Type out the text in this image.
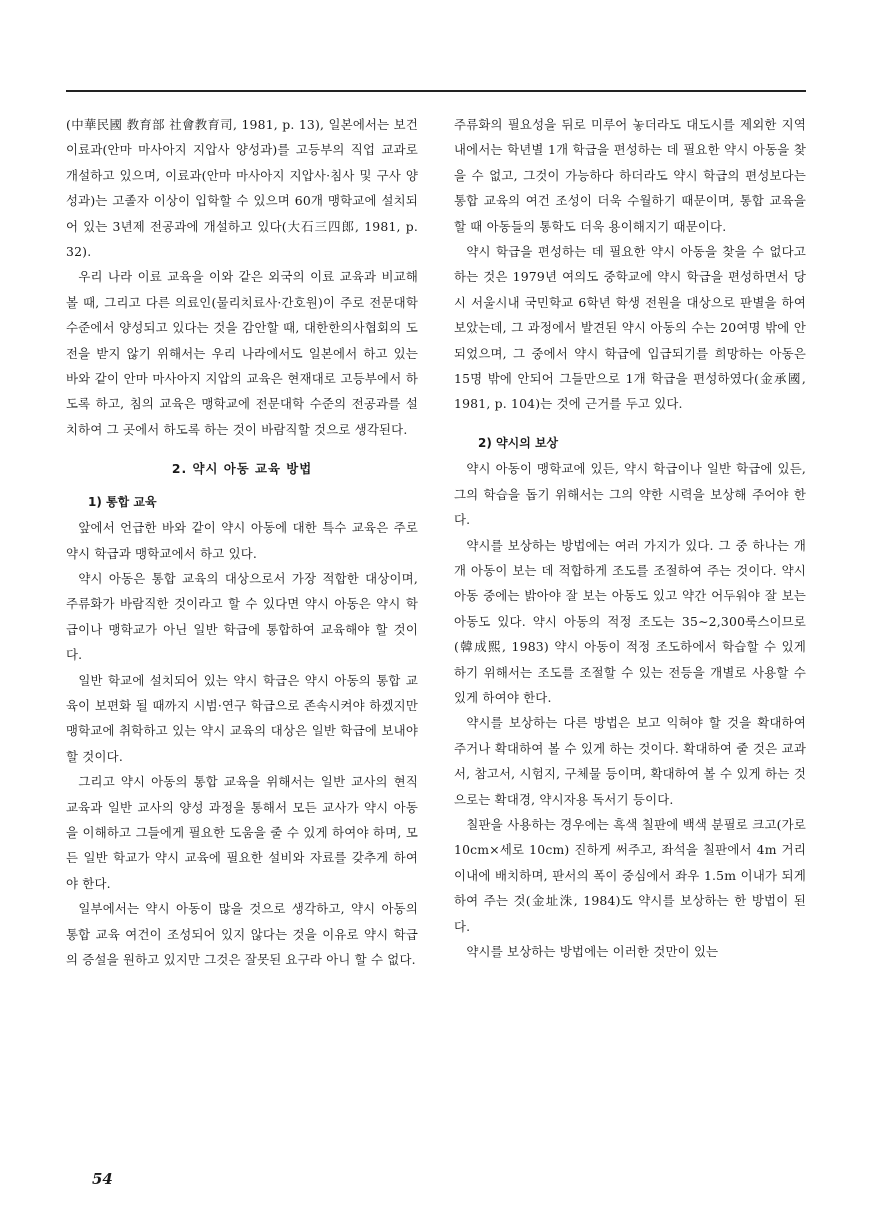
(中華民國 教育部 社會教育司, 1981, p. 13), 일본에서는 보건 이료과(안마 마사아지 지압사 양성과)를 고등부의 직업 교과로 개설하고 있으며, 이료과(안마 마사아지 지압사·침사 및 구사 양성과)는 고졸자 이상이 입학할 수 있으며 60개 맹학교에 설치되어 있는 3년제 전공과에 개설하고 있다(大石三四郎, 1981, p. 32).

우리 나라 이료 교육을 이와 같은 외국의 이료 교육과 비교해 볼 때, 그리고 다른 의료인(물리치료사·간호원)이 주로 전문대학 수준에서 양성되고 있다는 것을 감안할 때, 대한한의사협회의 도전을 받지 않기 위해서는 우리 나라에서도 일본에서 하고 있는 바와 같이 안마 마사아지 지압의 교육은 현재대로 고등부에서 하도록 하고, 침의 교육은 맹학교에 전문대학 수준의 전공과를 설치하여 그 곳에서 하도록 하는 것이 바람직할 것으로 생각된다.

2. 약시 아동 교육 방법
1) 통합 교육

앞에서 언급한 바와 같이 약시 아동에 대한 특수 교육은 주로 약시 학급과 맹학교에서 하고 있다.

약시 아동은 통합 교육의 대상으로서 가장 적합한 대상이며, 주류화가 바람직한 것이라고 할 수 있다면 약시 아동은 약시 학급이나 맹학교가 아닌 일반 학급에 통합하여 교육해야 할 것이다.

일반 학교에 설치되어 있는 약시 학급은 약시 아동의 통합 교육이 보편화 될 때까지 시범·연구 학급으로 존속시켜야 하겠지만 맹학교에 취학하고 있는 약시 교육의 대상은 일반 학급에 보내야 할 것이다.

그리고 약시 아동의 통합 교육을 위해서는 일반 교사의 현직 교육과 일반 교사의 양성 과정을 통해서 모든 교사가 약시 아동을 이해하고 그들에게 필요한 도움을 줄 수 있게 하여야 하며, 모든 일반 학교가 약시 교육에 필요한 설비와 자료를 갖추게 하여야 한다.

일부에서는 약시 아동이 많을 것으로 생각하고, 약시 아동의 통합 교육 여건이 조성되어 있지 않다는 것을 이유로 약시 학급의 증설을 원하고 있지만 그것은 잘못된 요구라 아니 할 수 없다.

주류화의 필요성을 뒤로 미루어 놓더라도 대도시를 제외한 지역 내에서는 학년별 1개 학급을 편성하는 데 필요한 약시 아동을 찾을 수 없고, 그것이 가능하다 하더라도 약시 학급의 편성보다는 통합 교육의 여건 조성이 더욱 수월하기 때문이며, 통합 교육을 할 때 아동들의 통학도 더욱 용이해지기 때문이다.

약시 학급을 편성하는 데 필요한 약시 아동을 찾을 수 없다고 하는 것은 1979년 여의도 중학교에 약시 학급을 편성하면서 당시 서울시내 국민학교 6학년 학생 전원을 대상으로 판별을 하여 보았는데, 그 과정에서 발견된 약시 아동의 수는 20여명 밖에 안되었으며, 그 중에서 약시 학급에 입급되기를 희망하는 아동은 15명 밖에 안되어 그들만으로 1개 학급을 편성하였다(金承國, 1981, p. 104)는 것에 근거를 두고 있다.

2) 약시의 보상

약시 아동이 맹학교에 있든, 약시 학급이나 일반 학급에 있든, 그의 학습을 돕기 위해서는 그의 약한 시력을 보상해 주어야 한다.

약시를 보상하는 방법에는 여러 가지가 있다. 그 중 하나는 개개 아동이 보는 데 적합하게 조도를 조절하여 주는 것이다. 약시 아동 중에는 밝아야 잘 보는 아동도 있고 약간 어두워야 잘 보는 아동도 있다. 약시 아동의 적정 조도는 35∼2,300룩스이므로(韓成熙, 1983) 약시 아동이 적정 조도하에서 학습할 수 있게 하기 위해서는 조도를 조절할 수 있는 전등을 개별로 사용할 수 있게 하여야 한다.

약시를 보상하는 다른 방법은 보고 익혀야 할 것을 확대하여 주거나 확대하여 볼 수 있게 하는 것이다. 확대하여 줄 것은 교과서, 참고서, 시험지, 구체물 등이며, 확대하여 볼 수 있게 하는 것으로는 확대경, 약시자용 독서기 등이다.

칠판을 사용하는 경우에는 흑색 칠판에 백색 분필로 크고(가로 10cm×세로 10cm) 진하게 써주고, 좌석을 칠판에서 4m 거리 이내에 배치하며, 판서의 폭이 중심에서 좌우 1.5m 이내가 되게 하여 주는 것(金址洙, 1984)도 약시를 보상하는 한 방법이 된다.

약시를 보상하는 방법에는 이러한 것만이 있는

54
